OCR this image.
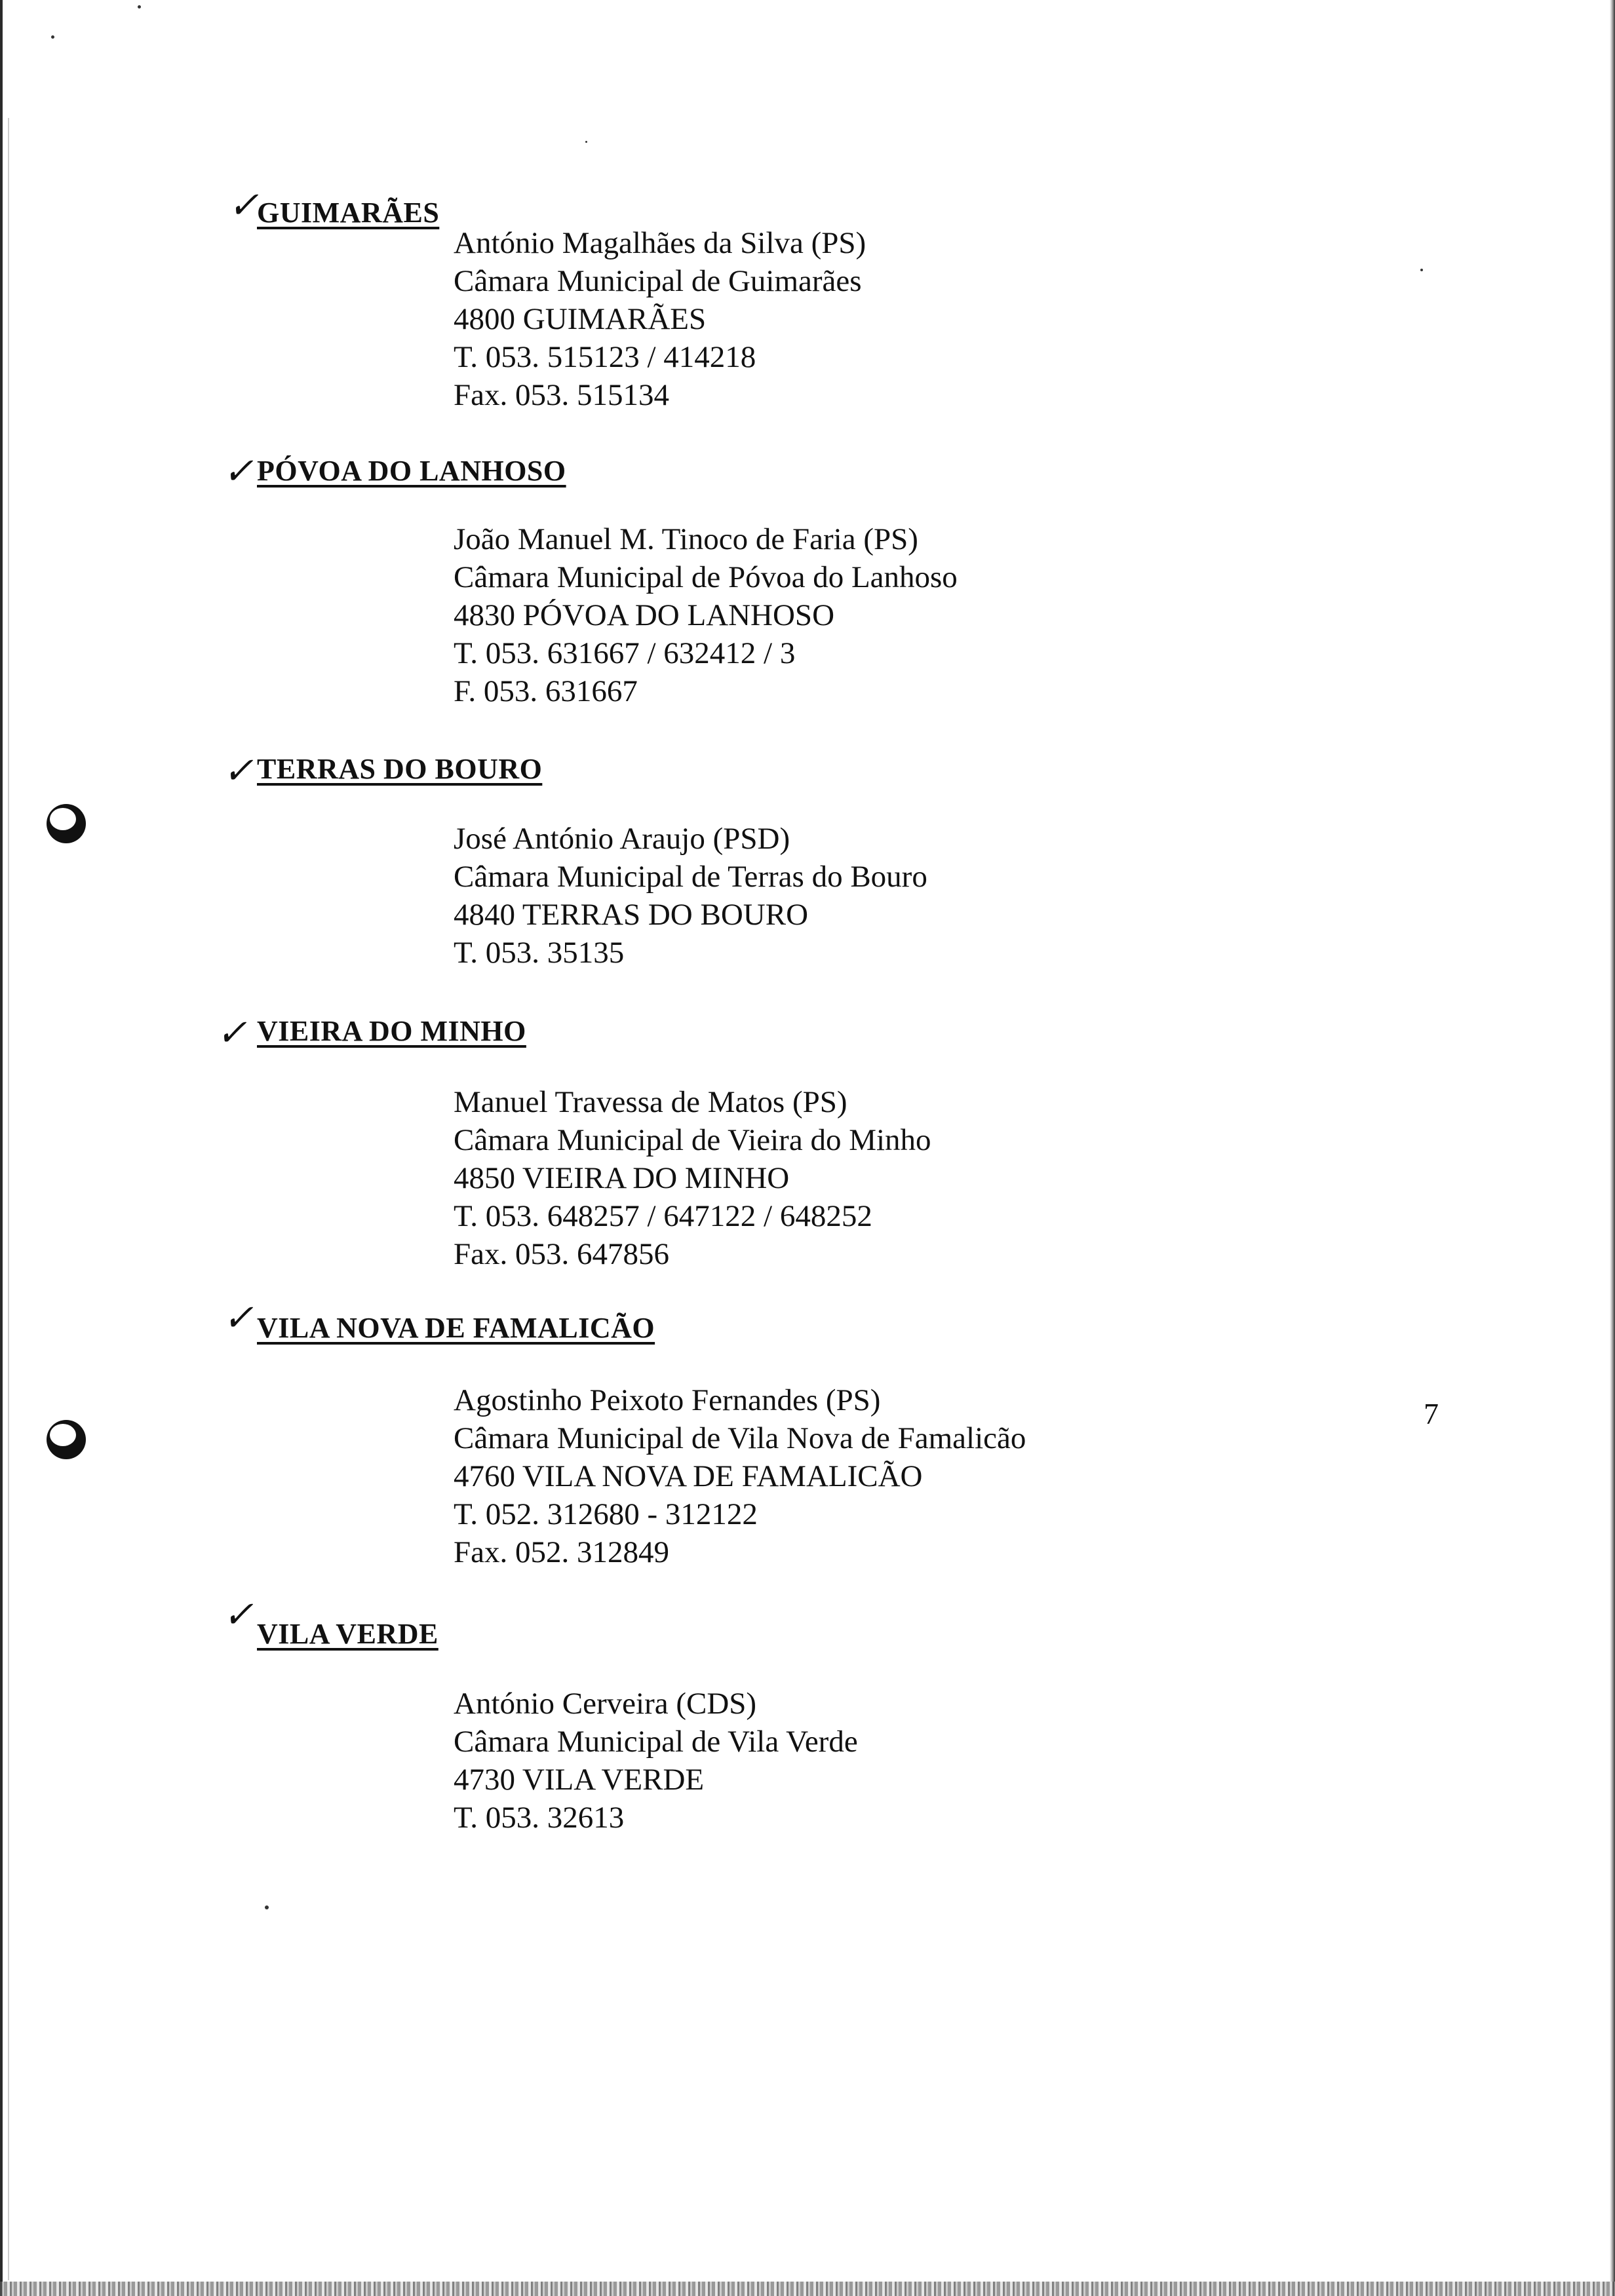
✓
GUIMARÃES
António Magalhães da Silva (PS)
Câmara Municipal de Guimarães
4800 GUIMARÃES
T. 053. 515123 / 414218
Fax. 053. 515134
✓ PÓVOA DO LANHOSO
João Manuel M. Tinoco de Faria (PS)
Câmara Municipal de Póvoa do Lanhoso
4830 PÓVOA DO LANHOSO
T. 053. 631667 / 632412 / 3
F. 053. 631667
✓ TERRAS DO BOURO
José António Araujo (PSD)
Câmara Municipal de Terras do Bouro
4840 TERRAS DO BOURO
T. 053. 35135
✓ VIEIRA DO MINHO
Manuel Travessa de Matos (PS)
Câmara Municipal de Vieira do Minho
4850 VIEIRA DO MINHO
T. 053. 648257 / 647122 / 648252
Fax. 053. 647856
✓ VILA NOVA DE FAMALICÃO
Agostinho Peixoto Fernandes (PS)
Câmara Municipal de Vila Nova de Famalicão
4760 VILA NOVA DE FAMALICÃO
T. 052. 312680 - 312122
Fax. 052. 312849
✓ VILA VERDE
António Cerveira (CDS)
Câmara Municipal de Vila Verde
4730 VILA VERDE
T. 053. 32613
7
